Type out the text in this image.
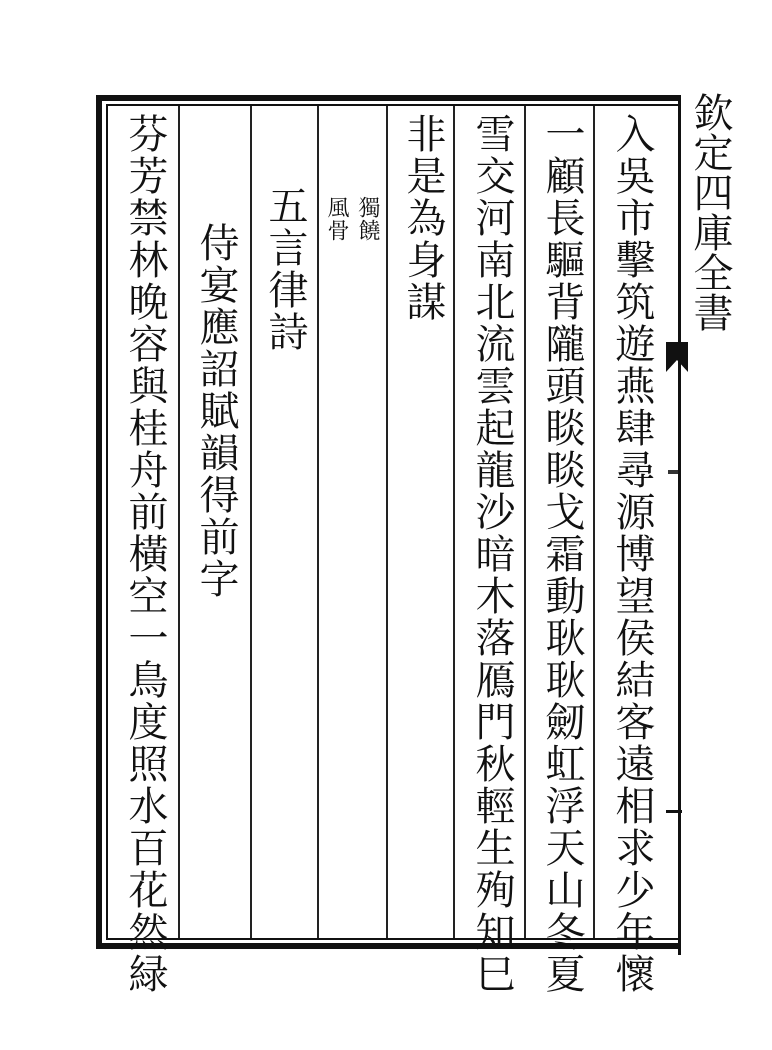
欽定四庫全書
入吳市擊筑遊燕肆尋源博望侯結客遠相求少年懷
一顧長驅背隴頭睒睒戈霜動耿耿劒虹浮天山冬夏
雪交河南北流雲起龍沙暗木落鴈門秋輕生殉知巳
非是為身謀
獨饒
風骨
五言律詩
侍宴應詔賦韻得前字
芬芳禁林晚容與桂舟前橫空一鳥度照水百花然緑
